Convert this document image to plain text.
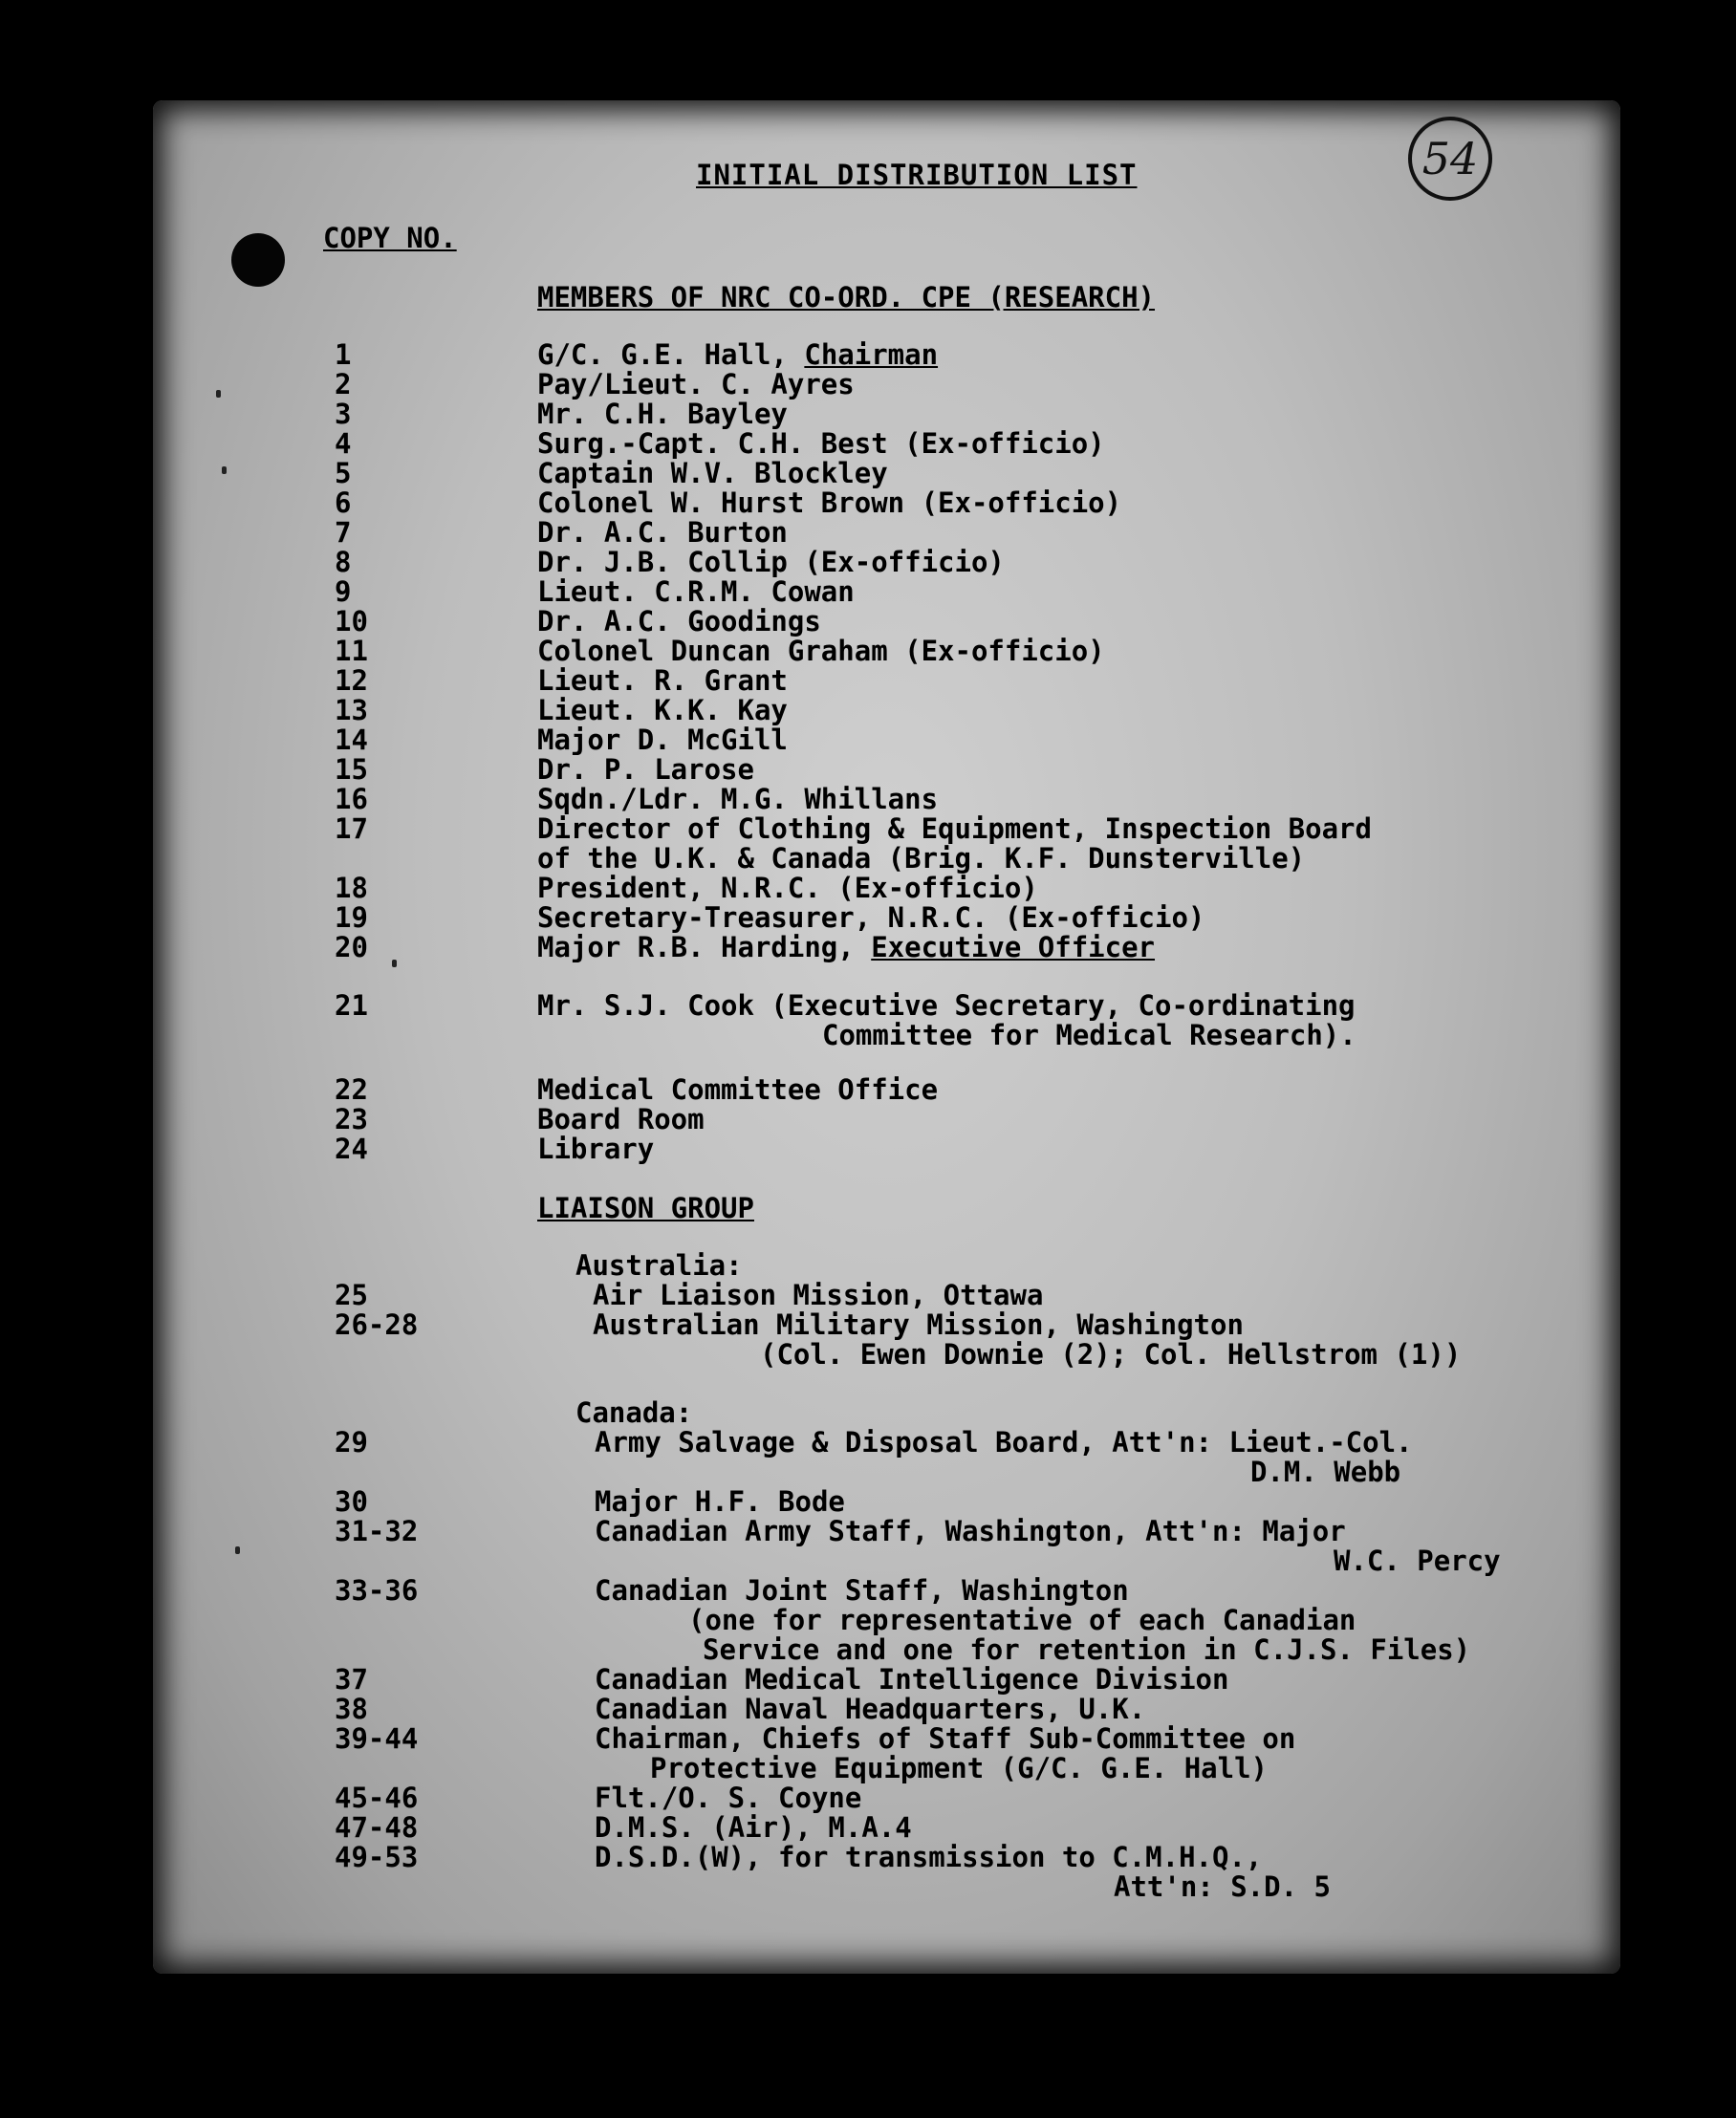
54
INITIAL DISTRIBUTION LIST
COPY NO.
MEMBERS OF NRC CO-ORD. CPE (RESEARCH)
1	G/C. G.E. Hall, Chairman
2	Pay/Lieut. C. Ayres
3	Mr. C.H. Bayley
4	Surg.-Capt. C.H. Best (Ex-officio)
5	Captain W.V. Blockley
6	Colonel W. Hurst Brown (Ex-officio)
7	Dr. A.C. Burton
8	Dr. J.B. Collip (Ex-officio)
9	Lieut. C.R.M. Cowan
10	Dr. A.C. Goodings
11	Colonel Duncan Graham (Ex-officio)
12	Lieut. R. Grant
13	Lieut. K.K. Kay
14	Major D. McGill
15	Dr. P. Larose
16	Sqdn./Ldr. M.G. Whillans
17	Director of Clothing & Equipment, Inspection Board
of the U.K. & Canada (Brig. K.F. Dunsterville)
18	President, N.R.C. (Ex-officio)
19	Secretary-Treasurer, N.R.C. (Ex-officio)
20	Major R.B. Harding, Executive Officer
21	Mr. S.J. Cook (Executive Secretary, Co-ordinating
Committee for Medical Research).
22	Medical Committee Office
23	Board Room
24	Library
LIAISON GROUP
Australia:
25	Air Liaison Mission, Ottawa
26-28	Australian Military Mission, Washington
(Col. Ewen Downie (2); Col. Hellstrom (1))
Canada:
29	Army Salvage & Disposal Board, Att'n: Lieut.-Col.
D.M. Webb
30	Major H.F. Bode
31-32	Canadian Army Staff, Washington, Att'n: Major
W.C. Percy
33-36	Canadian Joint Staff, Washington
(one for representative of each Canadian
Service and one for retention in C.J.S. Files)
37	Canadian Medical Intelligence Division
38	Canadian Naval Headquarters, U.K.
39-44	Chairman, Chiefs of Staff Sub-Committee on
Protective Equipment (G/C. G.E. Hall)
45-46	Flt./O. S. Coyne
47-48	D.M.S. (Air), M.A.4
49-53	D.S.D.(W), for transmission to C.M.H.Q.,
Att'n: S.D. 5
